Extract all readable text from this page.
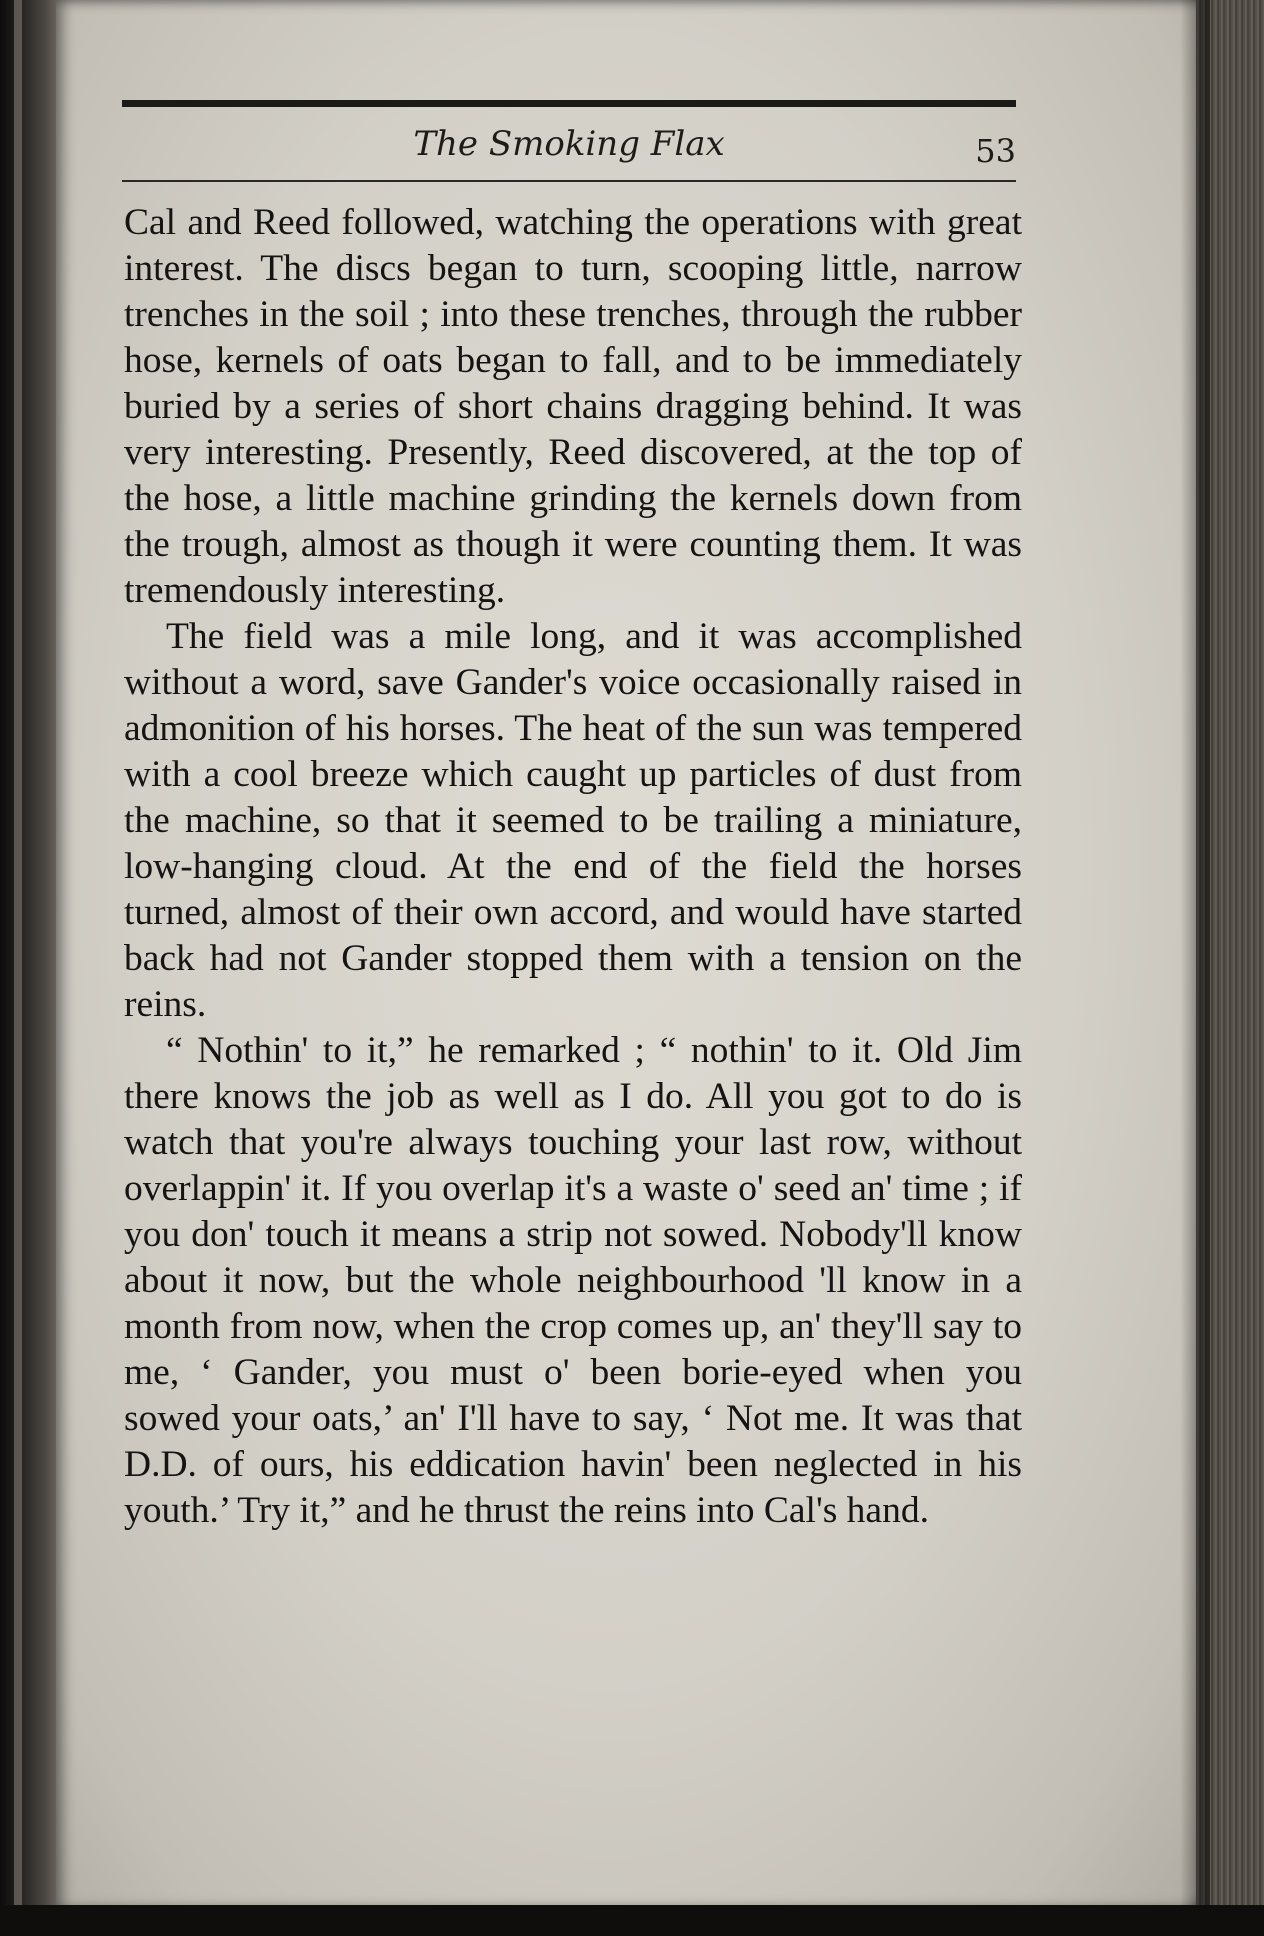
The Smoking Flax	53

Cal and Reed followed, watching the operations with great interest. The discs began to turn, scooping little, narrow trenches in the soil ; into these trenches, through the rubber hose, kernels of oats began to fall, and to be immediately buried by a series of short chains dragging behind. It was very interesting. Presently, Reed discovered, at the top of the hose, a little machine grinding the kernels down from the trough, almost as though it were counting them. It was tremendously interesting.

The field was a mile long, and it was accomplished without a word, save Gander's voice occasionally raised in admonition of his horses. The heat of the sun was tempered with a cool breeze which caught up particles of dust from the machine, so that it seemed to be trailing a miniature, low-hanging cloud. At the end of the field the horses turned, almost of their own accord, and would have started back had not Gander stopped them with a tension on the reins.

“ Nothin' to it,” he remarked ; “ nothin' to it. Old Jim there knows the job as well as I do. All you got to do is watch that you're always touching your last row, without overlappin' it. If you overlap it's a waste o' seed an' time ; if you don' touch it means a strip not sowed. Nobody'll know about it now, but the whole neighbourhood 'll know in a month from now, when the crop comes up, an' they'll say to me, ‘ Gander, you must o' been borie-eyed when you sowed your oats,’ an' I'll have to say, ‘ Not me. It was that D.D. of ours, his eddication havin' been neglected in his youth.’ Try it,” and he thrust the reins into Cal's hand.
